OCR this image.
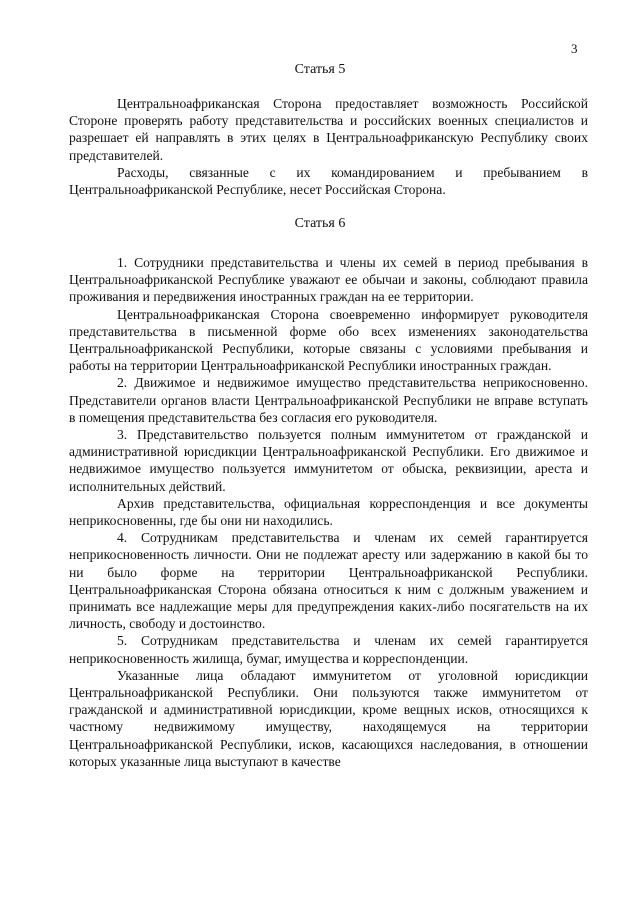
3
Статья 5

Центральноафриканская Сторона предоставляет возможность Российской Стороне проверять работу представительства и российских военных специалистов и разрешает ей направлять в этих целях в Центральноафриканскую Республику своих представителей.

Расходы, связанные с их командированием и пребыванием в Центральноафриканской Республике, несет Российская Сторона.

Статья 6

1. Сотрудники представительства и члены их семей в период пребывания в Центральноафриканской Республике уважают ее обычаи и законы, соблюдают правила проживания и передвижения иностранных граждан на ее территории.

Центральноафриканская Сторона своевременно информирует руководителя представительства в письменной форме обо всех изменениях законодательства Центральноафриканской Республики, которые связаны с условиями пребывания и работы на территории Центральноафриканской Республики иностранных граждан.

2. Движимое и недвижимое имущество представительства неприкосновенно. Представители органов власти Центральноафриканской Республики не вправе вступать в помещения представительства без согласия его руководителя.

3. Представительство пользуется полным иммунитетом от гражданской и административной юрисдикции Центральноафриканской Республики. Его движимое и недвижимое имущество пользуется иммунитетом от обыска, реквизиции, ареста и исполнительных действий.

Архив представительства, официальная корреспонденция и все документы неприкосновенны, где бы они ни находились.

4. Сотрудникам представительства и членам их семей гарантируется неприкосновенность личности. Они не подлежат аресту или задержанию в какой бы то ни было форме на территории Центральноафриканской Республики. Центральноафриканская Сторона обязана относиться к ним с должным уважением и принимать все надлежащие меры для предупреждения каких-либо посягательств на их личность, свободу и достоинство.

5. Сотрудникам представительства и членам их семей гарантируется неприкосновенность жилища, бумаг, имущества и корреспонденции.

Указанные лица обладают иммунитетом от уголовной юрисдикции Центральноафриканской Республики. Они пользуются также иммунитетом от гражданской и административной юрисдикции, кроме вещных исков, относящихся к частному недвижимому имуществу, находящемуся на территории Центральноафриканской Республики, исков, касающихся наследования, в отношении которых указанные лица выступают в качестве
